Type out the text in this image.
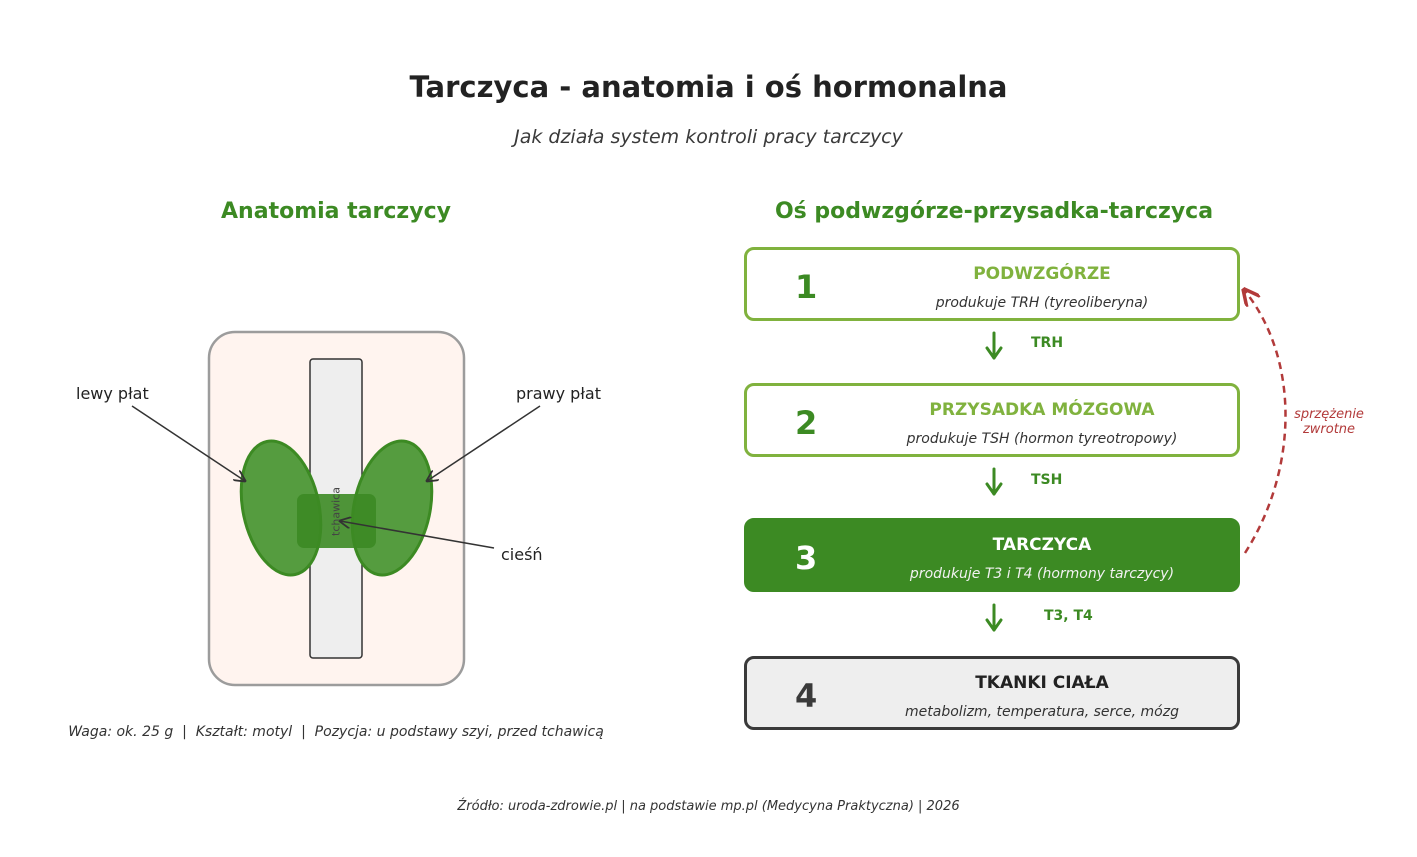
Tarczyca - anatomia i oś hormonalna
Jak działa system kontroli pracy tarczycy
Anatomia tarczycy	Oś podwzgórze-przysadka-tarczyca
lewy płat	prawy płat
cieśń
tchawica
Waga: ok. 25 g  |  Kształt: motyl  |  Pozycja: u podstawy szyi, przed tchawicą
1	PODWZGÓRZE
produkuje TRH (tyreoliberyna)
2	PRZYSADKA MÓZGOWA
produkuje TSH (hormon tyreotropowy)
3	TARCZYCA
produkuje T3 i T4 (hormony tarczycy)
4	TKANKI CIAŁA
metabolizm, temperatura, serce, mózg
TRH
TSH
T3, T4
sprzężenie zwrotne
Źródło: uroda-zdrowie.pl | na podstawie mp.pl (Medycyna Praktyczna) | 2026
